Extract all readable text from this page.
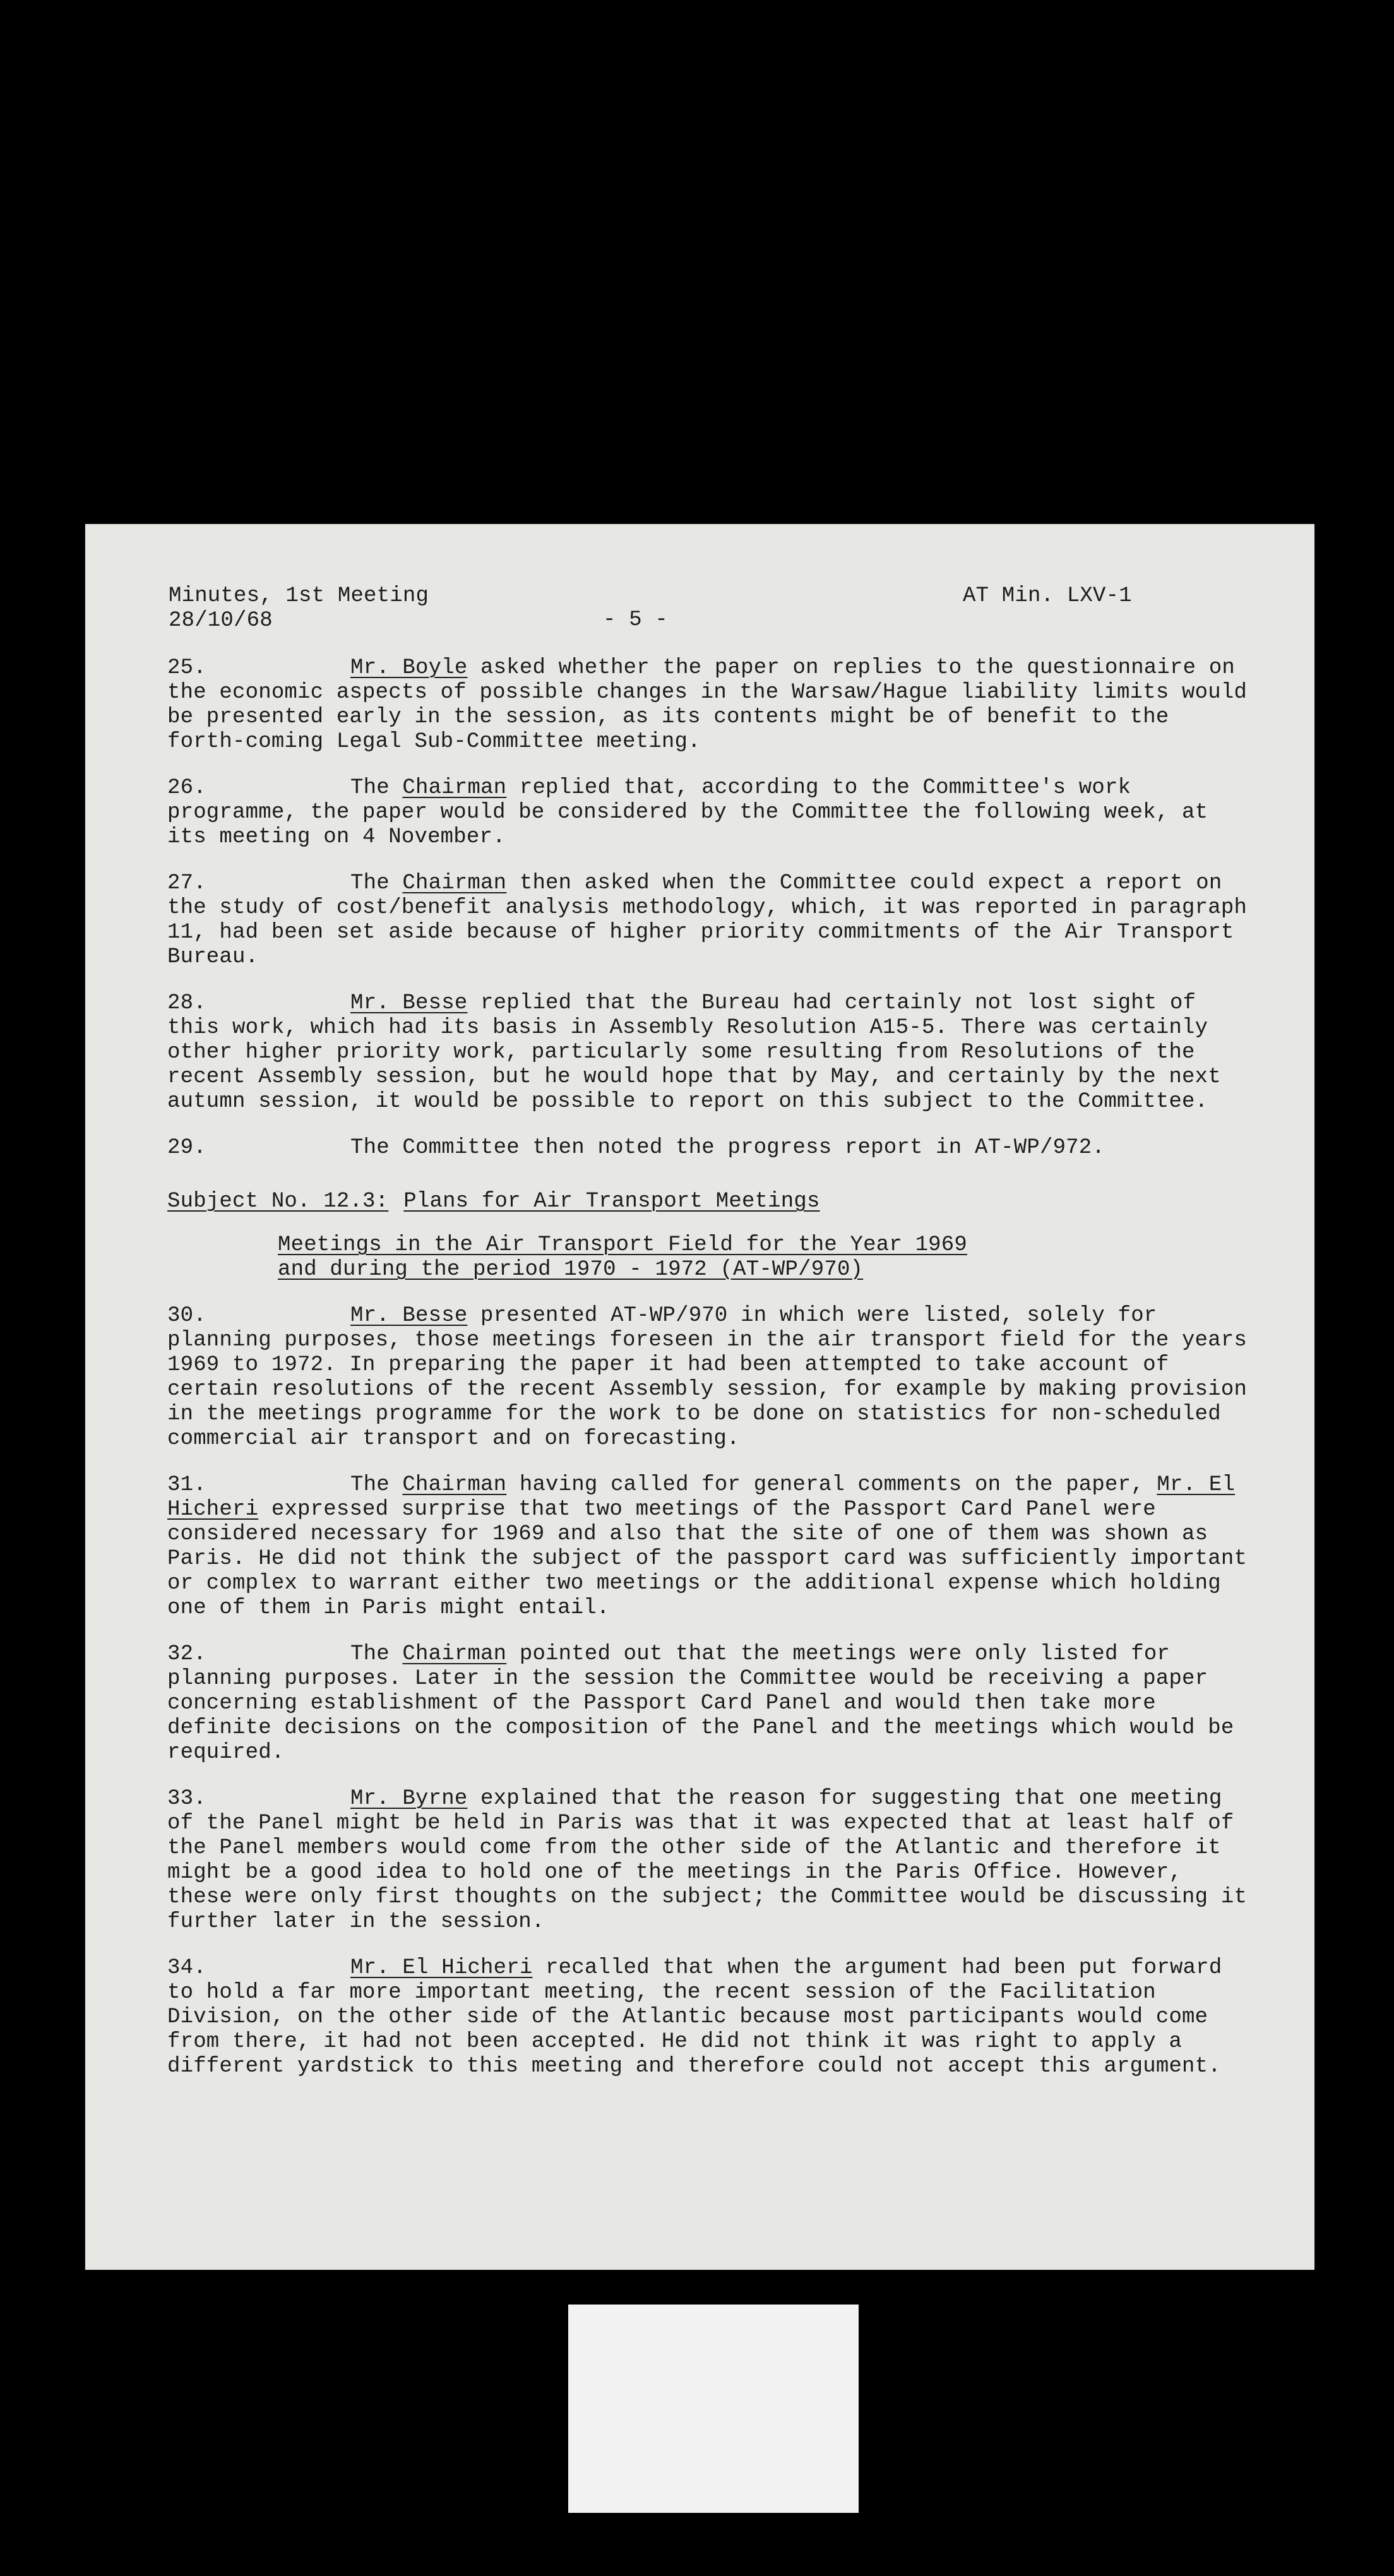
Minutes, 1st Meeting
28/10/68	- 5 -
AT Min. LXV-1

25.	Mr. Boyle asked whether the paper on replies to the questionnaire on the economic aspects of possible changes in the Warsaw/Hague liability limits would be presented early in the session, as its contents might be of benefit to the forth-coming Legal Sub-Committee meeting.

26.	The Chairman replied that, according to the Committee's work programme, the paper would be considered by the Committee the following week, at its meeting on 4 November.

27.	The Chairman then asked when the Committee could expect a report on the study of cost/benefit analysis methodology, which, it was reported in paragraph 11, had been set aside because of higher priority commitments of the Air Transport Bureau.

28.	Mr. Besse replied that the Bureau had certainly not lost sight of this work, which had its basis in Assembly Resolution A15-5. There was certainly other higher priority work, particularly some resulting from Resolutions of the recent Assembly session, but he would hope that by May, and certainly by the next autumn session, it would be possible to report on this subject to the Committee.

29.	The Committee then noted the progress report in AT-WP/972.

Subject No. 12.3: Plans for Air Transport Meetings
Meetings in the Air Transport Field for the Year 1969
and during the period 1970 - 1972 (AT-WP/970)

30.	Mr. Besse presented AT-WP/970 in which were listed, solely for planning purposes, those meetings foreseen in the air transport field for the years 1969 to 1972. In preparing the paper it had been attempted to take account of certain resolutions of the recent Assembly session, for example by making provision in the meetings programme for the work to be done on statistics for non-scheduled commercial air transport and on forecasting.

31.	The Chairman having called for general comments on the paper, Mr. El Hicheri expressed surprise that two meetings of the Passport Card Panel were considered necessary for 1969 and also that the site of one of them was shown as Paris. He did not think the subject of the passport card was sufficiently important or complex to warrant either two meetings or the additional expense which holding one of them in Paris might entail.

32.	The Chairman pointed out that the meetings were only listed for planning purposes. Later in the session the Committee would be receiving a paper concerning establishment of the Passport Card Panel and would then take more definite decisions on the composition of the Panel and the meetings which would be required.

33.	Mr. Byrne explained that the reason for suggesting that one meeting of the Panel might be held in Paris was that it was expected that at least half of the Panel members would come from the other side of the Atlantic and therefore it might be a good idea to hold one of the meetings in the Paris Office. However, these were only first thoughts on the subject; the Committee would be discussing it further later in the session.

34.	Mr. El Hicheri recalled that when the argument had been put forward to hold a far more important meeting, the recent session of the Facilitation Division, on the other side of the Atlantic because most participants would come from there, it had not been accepted. He did not think it was right to apply a different yardstick to this meeting and therefore could not accept this argument.
